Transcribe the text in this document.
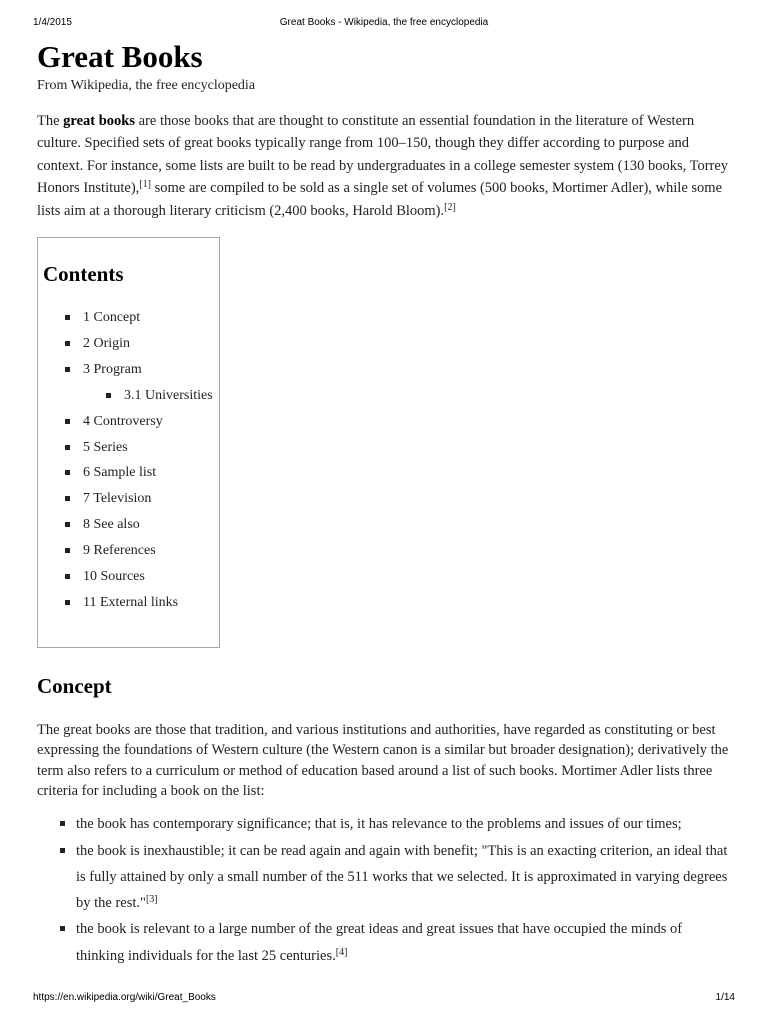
1/4/2015	Great Books - Wikipedia, the free encyclopedia
Great Books
From Wikipedia, the free encyclopedia

The great books are those books that are thought to constitute an essential foundation in the literature of Western culture. Specified sets of great books typically range from 100–150, though they differ according to purpose and context. For instance, some lists are built to be read by undergraduates in a college semester system (130 books, Torrey Honors Institute),[1] some are compiled to be sold as a single set of volumes (500 books, Mortimer Adler), while some lists aim at a thorough literary criticism (2,400 books, Harold Bloom).[2]

Contents
1 Concept
2 Origin
3 Program
3.1 Universities
4 Controversy
5 Series
6 Sample list
7 Television
8 See also
9 References
10 Sources
11 External links
Concept

The great books are those that tradition, and various institutions and authorities, have regarded as constituting or best expressing the foundations of Western culture (the Western canon is a similar but broader designation); derivatively the term also refers to a curriculum or method of education based around a list of such books. Mortimer Adler lists three criteria for including a book on the list:

the book has contemporary significance; that is, it has relevance to the problems and issues of our times;
the book is inexhaustible; it can be read again and again with benefit; "This is an exacting criterion, an ideal that is fully attained by only a small number of the 511 works that we selected. It is approximated in varying degrees by the rest."[3]
the book is relevant to a large number of the great ideas and great issues that have occupied the minds of thinking individuals for the last 25 centuries.[4]
https://en.wikipedia.org/wiki/Great_Books	1/14
